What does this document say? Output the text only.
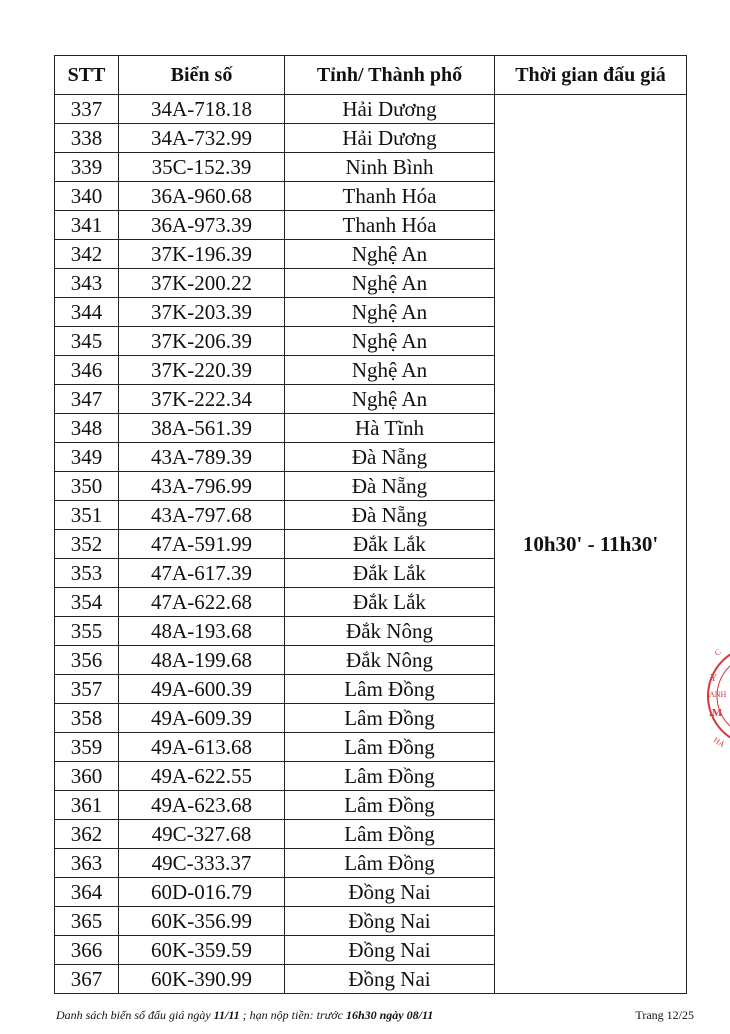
STT	Biển số	Tỉnh/ Thành phố	Thời gian đấu giá
337	34A-718.18	Hải Dương	10h30' - 11h30'
338	34A-732.99	Hải Dương	
339	35C-152.39	Ninh Bình	
340	36A-960.68	Thanh Hóa	
341	36A-973.39	Thanh Hóa	
342	37K-196.39	Nghệ An	
343	37K-200.22	Nghệ An	
344	37K-203.39	Nghệ An	
345	37K-206.39	Nghệ An	
346	37K-220.39	Nghệ An	
347	37K-222.34	Nghệ An	
348	38A-561.39	Hà Tĩnh	
349	43A-789.39	Đà Nẵng	
350	43A-796.99	Đà Nẵng	
351	43A-797.68	Đà Nẵng	
352	47A-591.99	Đắk Lắk	
353	47A-617.39	Đắk Lắk	
354	47A-622.68	Đắk Lắk	
355	48A-193.68	Đắk Nông	
356	48A-199.68	Đắk Nông	
357	49A-600.39	Lâm Đồng	
358	49A-609.39	Lâm Đồng	
359	49A-613.68	Lâm Đồng	
360	49A-622.55	Lâm Đồng	
361	49A-623.68	Lâm Đồng	
362	49C-327.68	Lâm Đồng	
363	49C-333.37	Lâm Đồng	
364	60D-016.79	Đồng Nai	
365	60K-356.99	Đồng Nai	
366	60K-359.59	Đồng Nai	
367	60K-390.99	Đồng Nai	
Danh sách biển số đấu giá ngày 11/11 ; hạn nộp tiền: trước 16h30 ngày 08/11	Trang 12/25
C
Y
ANH
.M
HÀ
